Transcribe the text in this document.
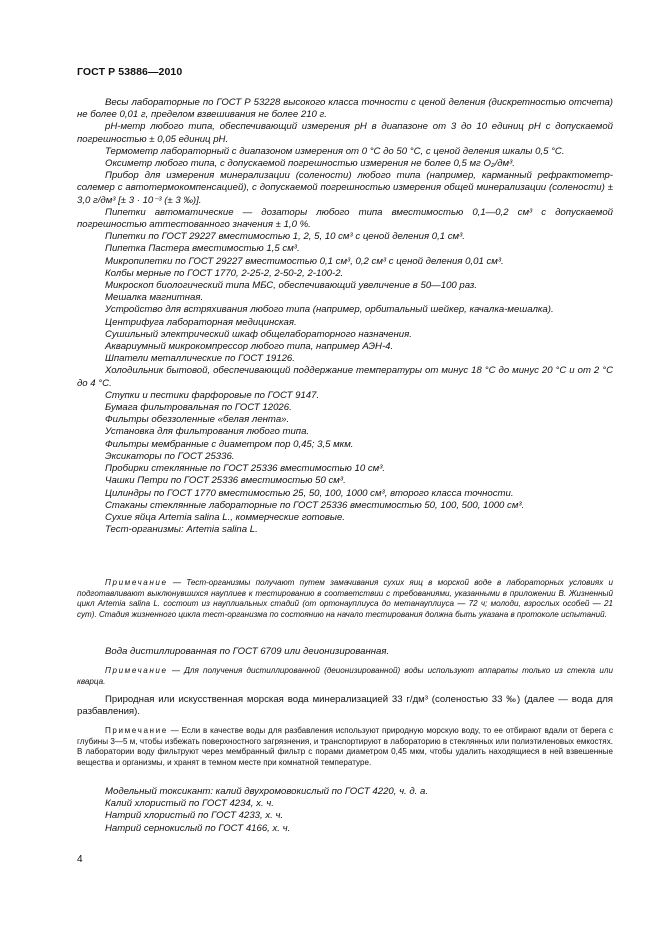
ГОСТ Р 53886—2010

Весы лабораторные по ГОСТ Р 53228 высокого класса точности с ценой деления (дискретностью отсчета) не более 0,01 г, пределом взвешивания не более 210 г.

pH-метр любого типа, обеспечивающий измерения pH в диапазоне от 3 до 10 единиц pH с допускаемой погрешностью ± 0,05 единиц pH.

Термометр лабораторный с диапазоном измерения от 0 °С до 50 °С, с ценой деления шкалы 0,5 °С.

Оксиметр любого типа, с допускаемой погрешностью измерения не более 0,5 мг О₂/дм³.

Прибор для измерения минерализации (солености) любого типа (например, карманный рефрактометр-солемер с автотермокомпенсацией), с допускаемой погрешностью измерения общей минерализации (солености) ± 3,0 г/дм³ [± 3 · 10⁻³ (± 3 ‰)].

Пипетки автоматические — дозаторы любого типа вместимостью 0,1—0,2 см³ с допускаемой погрешностью аттестованного значения ± 1,0 %.

Пипетки по ГОСТ 29227 вместимостью 1, 2, 5, 10 см³ с ценой деления 0,1 см³.

Пипетка Пастера вместимостью 1,5 см³.

Микропипетки по ГОСТ 29227 вместимостью 0,1 см³, 0,2 см³ с ценой деления 0,01 см³.

Колбы мерные по ГОСТ 1770, 2-25-2, 2-50-2, 2-100-2.

Микроскоп биологический типа МБС, обеспечивающий увеличение в 50—100 раз.

Мешалка магнитная.

Устройство для встряхивания любого типа (например, орбитальный шейкер, качалка-мешалка).

Центрифуга лабораторная медицинская.

Сушильный электрический шкаф общелабораторного назначения.

Аквариумный микрокомпрессор любого типа, например АЭН-4.

Шпатели металлические по ГОСТ 19126.

Холодильник бытовой, обеспечивающий поддержание температуры от минус 18 °С до минус 20 °С и от 2 °С до 4 °С.

Ступки и пестики фарфоровые по ГОСТ 9147.

Бумага фильтровальная по ГОСТ 12026.

Фильтры обеззоленные «белая лента».

Установка для фильтрования любого типа.

Фильтры мембранные с диаметром пор 0,45; 3,5 мкм.

Эксикаторы по ГОСТ 25336.

Пробирки стеклянные по ГОСТ 25336 вместимостью 10 см³.

Чашки Петри по ГОСТ 25336 вместимостью 50 см³.

Цилиндры по ГОСТ 1770 вместимостью 25, 50, 100, 1000 см³, второго класса точности.

Стаканы стеклянные лабораторные по ГОСТ 25336 вместимостью 50, 100, 500, 1000 см³.

Сухие яйца Artemia salina L., коммерческие готовые.

Тест-организмы: Artemia salina L.

Примечание — Тест-организмы получают путем замачивания сухих яиц в морской воде в лабораторных условиях и подготавливают выклюнувшихся науплиев к тестированию в соответствии с требованиями, указанными в приложении В. Жизненный цикл Artemia salina L. состоит из науплиальных стадий (от ортонауплиуса до метанауплиуса — 72 ч; молоди, взрослых особей — 21 сут). Стадия жизненного цикла тест-организма по состоянию на начало тестирования должна быть указана в протоколе испытаний.

Вода дистиллированная по ГОСТ 6709 или деионизированная.

Примечание — Для получения дистиллированной (деионизированной) воды используют аппараты только из стекла или кварца.

Природная или искусственная морская вода минерализацией 33 г/дм³ (соленостью 33 ‰) (далее — вода для разбавления).

Примечание — Если в качестве воды для разбавления используют природную морскую воду, то ее отбирают вдали от берега с глубины 3—5 м, чтобы избежать поверхностного загрязнения, и транспортируют в лабораторию в стеклянных или полиэтиленовых емкостях. В лаборатории воду фильтруют через мембранный фильтр с порами диаметром 0,45 мкм, чтобы удалить находящиеся в ней взвешенные вещества и организмы, и хранят в темном месте при комнатной температуре.

Модельный токсикант: калий двухромовокислый по ГОСТ 4220, ч. д. а.

Калий хлористый по ГОСТ 4234, х. ч.

Натрий хлористый по ГОСТ 4233, х. ч.

Натрий сернокислый по ГОСТ 4166, х. ч.

4
